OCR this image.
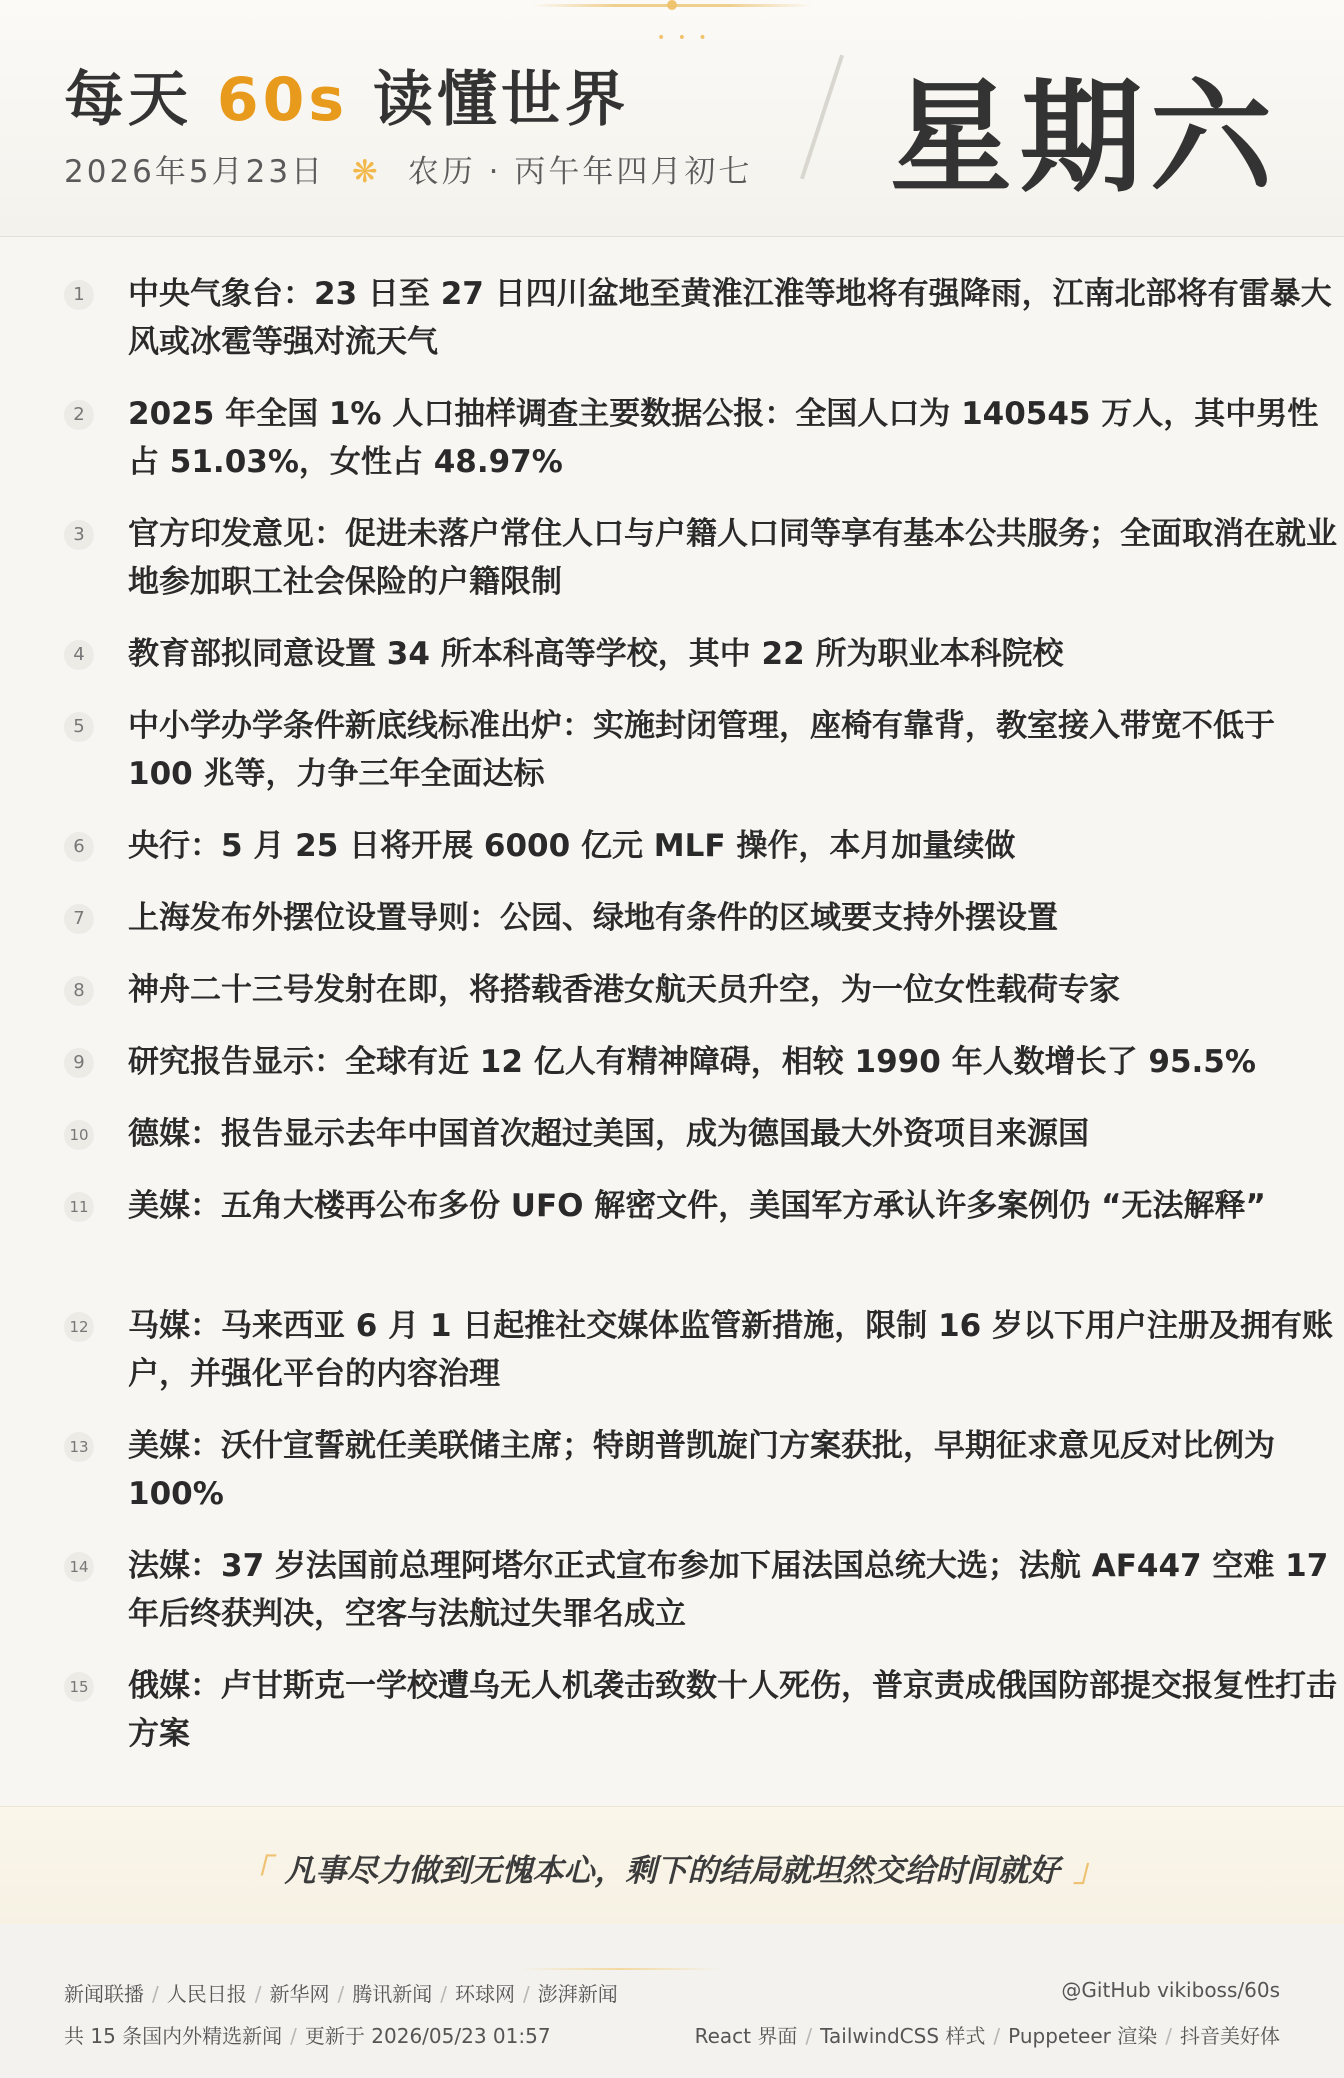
• • •
每天 60s 读懂世界
2026年5月23日 ❋ 农历 · 丙午年四月初七 星期六
1 中央气象台：23 日至 27 日四川盆地至黄淮江淮等地将有强降雨，江南北部将有雷暴大风或冰雹等强对流天气
2 2025 年全国 1% 人口抽样调查主要数据公报：全国人口为 140545 万人，其中男性占 51.03%，女性占 48.97%
3 官方印发意见：促进未落户常住人口与户籍人口同等享有基本公共服务；全面取消在就业地参加职工社会保险的户籍限制
4 教育部拟同意设置 34 所本科高等学校，其中 22 所为职业本科院校
5 中小学办学条件新底线标准出炉：实施封闭管理，座椅有靠背，教室接入带宽不低于 100 兆等，力争三年全面达标
6 央行：5 月 25 日将开展 6000 亿元 MLF 操作，本月加量续做
7 上海发布外摆位设置导则：公园、绿地有条件的区域要支持外摆设置
8 神舟二十三号发射在即，将搭载香港女航天员升空，为一位女性载荷专家
9 研究报告显示：全球有近 12 亿人有精神障碍，相较 1990 年人数增长了 95.5%
10 德媒：报告显示去年中国首次超过美国，成为德国最大外资项目来源国
11 美媒：五角大楼再公布多份 UFO 解密文件，美国军方承认许多案例仍 “无法解释”
12 马媒：马来西亚 6 月 1 日起推社交媒体监管新措施，限制 16 岁以下用户注册及拥有账户，并强化平台的内容治理
13 美媒：沃什宣誓就任美联储主席；特朗普凯旋门方案获批，早期征求意见反对比例为 100%
14 法媒：37 岁法国前总理阿塔尔正式宣布参加下届法国总统大选；法航 AF447 空难 17 年后终获判决，空客与法航过失罪名成立
15 俄媒：卢甘斯克一学校遭乌无人机袭击致数十人死伤，普京责成俄国防部提交报复性打击方案
「 凡事尽力做到无愧本心，剩下的结局就坦然交给时间就好 」
新闻联播 / 人民日报 / 新华网 / 腾讯新闻 / 环球网 / 澎湃新闻
共 15 条国内外精选新闻 / 更新于 2026/05/23 01:57
@GitHub vikiboss/60s
React 界面 / TailwindCSS 样式 / Puppeteer 渲染 / 抖音美好体
